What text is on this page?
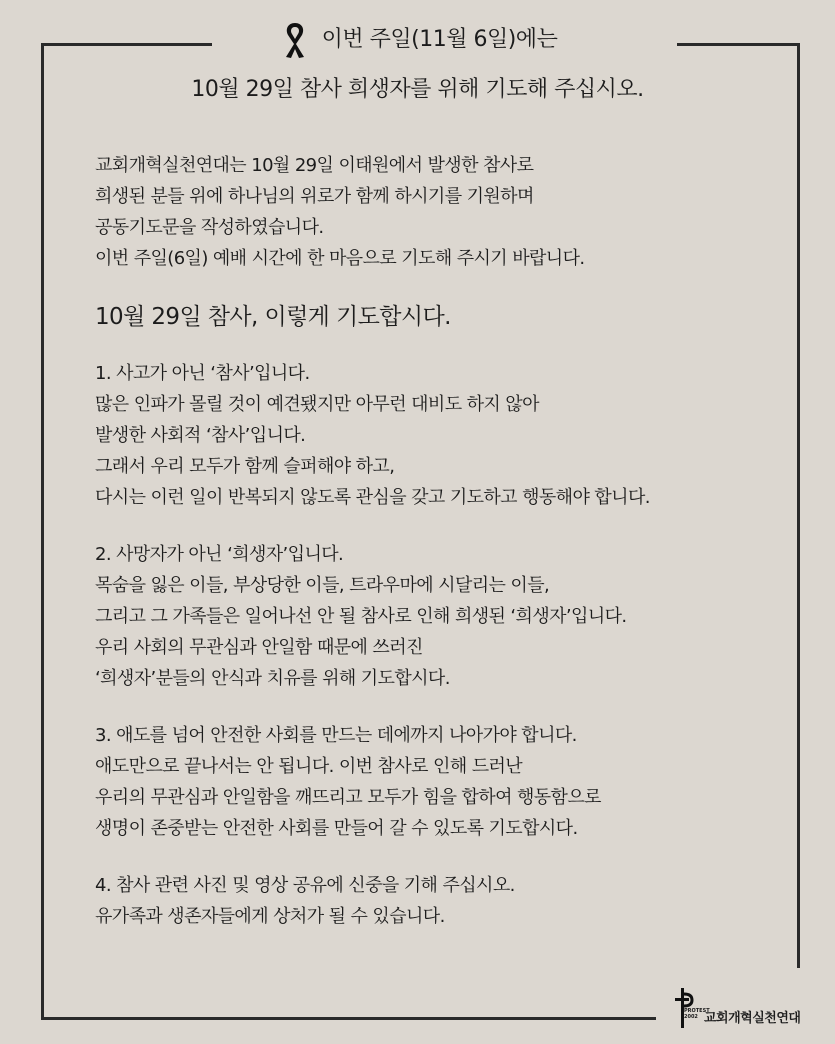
이번 주일(11월 6일)에는
10월 29일 참사 희생자를 위해 기도해 주십시오.

교회개혁실천연대는 10월 29일 이태원에서 발생한 참사로

희생된 분들 위에 하나님의 위로가 함께 하시기를 기원하며

공동기도문을 작성하였습니다.

이번 주일(6일) 예배 시간에 한 마음으로 기도해 주시기 바랍니다.

10월 29일 참사, 이렇게 기도합시다.

1. 사고가 아닌 ‘참사’입니다.

많은 인파가 몰릴 것이 예견됐지만 아무런 대비도 하지 않아

발생한 사회적 ‘참사’입니다.

그래서 우리 모두가 함께 슬퍼해야 하고,

다시는 이런 일이 반복되지 않도록 관심을 갖고 기도하고 행동해야 합니다.

2. 사망자가 아닌 ‘희생자’입니다.

목숨을 잃은 이들, 부상당한 이들, 트라우마에 시달리는 이들,

그리고 그 가족들은 일어나선 안 될 참사로 인해 희생된 ‘희생자’입니다.

우리 사회의 무관심과 안일함 때문에 쓰러진

‘희생자’분들의 안식과 치유를 위해 기도합시다.

3. 애도를 넘어 안전한 사회를 만드는 데에까지 나아가야 합니다.

애도만으로 끝나서는 안 됩니다. 이번 참사로 인해 드러난

우리의 무관심과 안일함을 깨뜨리고 모두가 힘을 합하여 행동함으로

생명이 존중받는 안전한 사회를 만들어 갈 수 있도록 기도합시다.

4. 참사 관련 사진 및 영상 공유에 신중을 기해 주십시오.

유가족과 생존자들에게 상처가 될 수 있습니다.

PROTEST
2002 교회개혁실천연대
